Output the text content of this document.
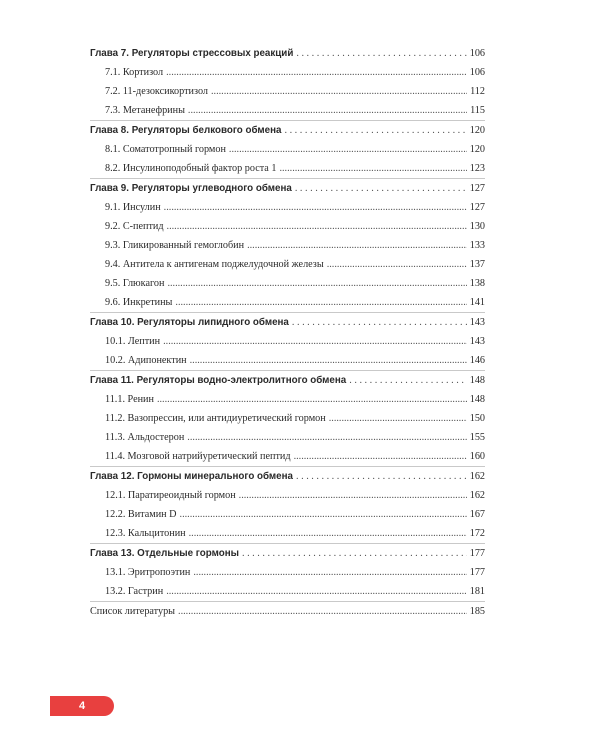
Глава 7. Регуляторы стрессовых реакций . . .	106
7.1. Кортизол .....	106
7.2. 11-дезоксикортизол .....	112
7.3. Метанефрины .....	115
Глава 8. Регуляторы белкового обмена . . .	120
8.1. Соматотропный гормон .....	120
8.2. Инсулиноподобный фактор роста 1 .....	123
Глава 9. Регуляторы углеводного обмена . . .	127
9.1. Инсулин .....	127
9.2. С-пептид .....	130
9.3. Гликированный гемоглобин .....	133
9.4. Антитела к антигенам поджелудочной железы .....	137
9.5. Глюкагон .....	138
9.6. Инкретины .....	141
Глава 10. Регуляторы липидного обмена . . .	143
10.1. Лептин .....	143
10.2. Адипонектин .....	146
Глава 11. Регуляторы водно-электролитного обмена . . .	148
11.1. Ренин .....	148
11.2. Вазопрессин, или антидиуретический гормон .....	150
11.3. Альдостерон .....	155
11.4. Мозговой натрийуретический пептид .....	160
Глава 12. Гормоны минерального обмена . . .	162
12.1. Паратиреоидный гормон .....	162
12.2. Витамин D .....	167
12.3. Кальцитонин .....	172
Глава 13. Отдельные гормоны . . .	177
13.1. Эритропоэтин .....	177
13.2. Гастрин .....	181
Список литературы .....	185
4
